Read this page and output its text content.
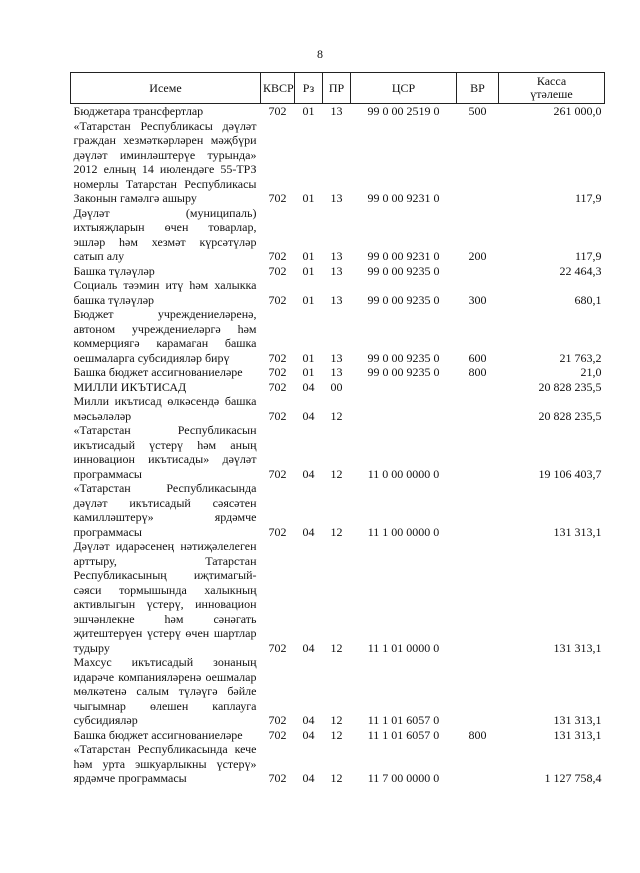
8
Исеме	КВСР	Рз	ПР	ЦСР	ВР	Касса
үтәлеше

Бюджетара трансфертлар	702	01	13	99 0 00 2519 0	500	261 000,0
«Татарстан Республикасы дәүләт граждан хезмәткәрләрен мәҗбүри дәүләт иминләштерүе турында» 2012 елның 14 июлендәге 55-ТРЗ номерлы Татарстан Республикасы Законын гамәлгә ашыру	702	01	13	99 0 00 9231 0		117,9
Дәүләт (муниципаль) ихтыяҗларын өчен товарлар, эшләр һәм хезмәт күрсәтүләр сатып алу	702	01	13	99 0 00 9231 0	200	117,9
Башка түләүләр	702	01	13	99 0 00 9235 0		22 464,3
Социаль тәэмин итү һәм халыкка башка түләүләр	702	01	13	99 0 00 9235 0	300	680,1
Бюджет учреждениеләренә, автоном учреждениеләргә һәм коммерциягә карамаган башка оешмаларга субсидияләр бирү	702	01	13	99 0 00 9235 0	600	21 763,2
Башка бюджет ассигнованиеләре	702	01	13	99 0 00 9235 0	800	21,0
МИЛЛИ ИКЪТИСАД	702	04	00			20 828 235,5
Милли икътисад өлкәсендә башка мәсьәләләр	702	04	12			20 828 235,5
«Татарстан Республикасын икътисадый үстерү һәм аның инновацион икътисады» дәүләт программасы	702	04	12	11 0 00 0000 0		19 106 403,7
«Татарстан Республикасында дәүләт икътисадый сәясәтен камилләштерү» ярдәмче программасы	702	04	12	11 1 00 0000 0		131 313,1
Дәүләт идарәсенең нәтиҗәлелеген арттыру, Татарстан Республикасының иҗтимагый-сәяси тормышында халыкның активлыгын үстерү, инновацион эшчәнлекне һәм сәнәгать җитештерүен үстерү өчен шартлар тудыру	702	04	12	11 1 01 0000 0		131 313,1
Махсус икътисадый зонаның идарәче компанияләренә оешмалар мөлкәтенә салым түләүгә бәйле чыгымнар өлешен каплауга субсидияләр	702	04	12	11 1 01 6057 0		131 313,1
Башка бюджет ассигнованиеләре	702	04	12	11 1 01 6057 0	800	131 313,1
«Татарстан Республикасында кече һәм урта эшкуарлыкны үстерү» ярдәмче программасы	702	04	12	11 7 00 0000 0		1 127 758,4
